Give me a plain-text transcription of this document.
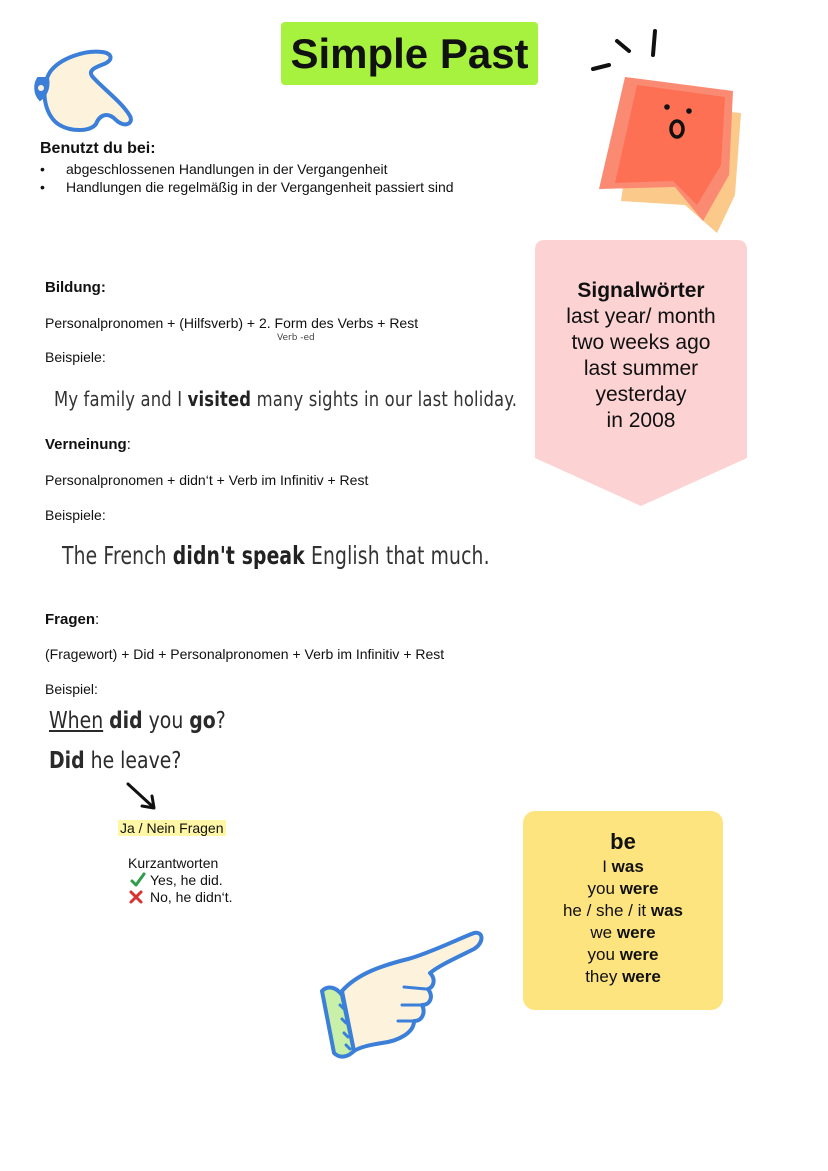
Simple Past
Benutzt du bei:
• abgeschlossenen Handlungen in der Vergangenheit
• Handlungen die regelmäßig in der Vergangenheit passiert sind
Bildung:
Personalpronomen + (Hilfsverb) + 2. Form des Verbs + Rest
Verb -ed
Beispiele:
My family and I visited many sights in our last holiday.
Verneinung:
Personalpronomen + didn‘t + Verb im Infinitiv + Rest
Beispiele:
The French didn't speak English that much.
Fragen:
(Fragewort) + Did + Personalpronomen + Verb im Infinitiv + Rest
Beispiel:
When did you go?
Did he leave?
Ja / Nein Fragen
Kurzantworten
Yes, he did.
No, he didn‘t.
Signalwörter
last year/ month
two weeks ago
last summer
yesterday
in 2008
be
I was
you were
he / she / it was
we were
you were
they were
